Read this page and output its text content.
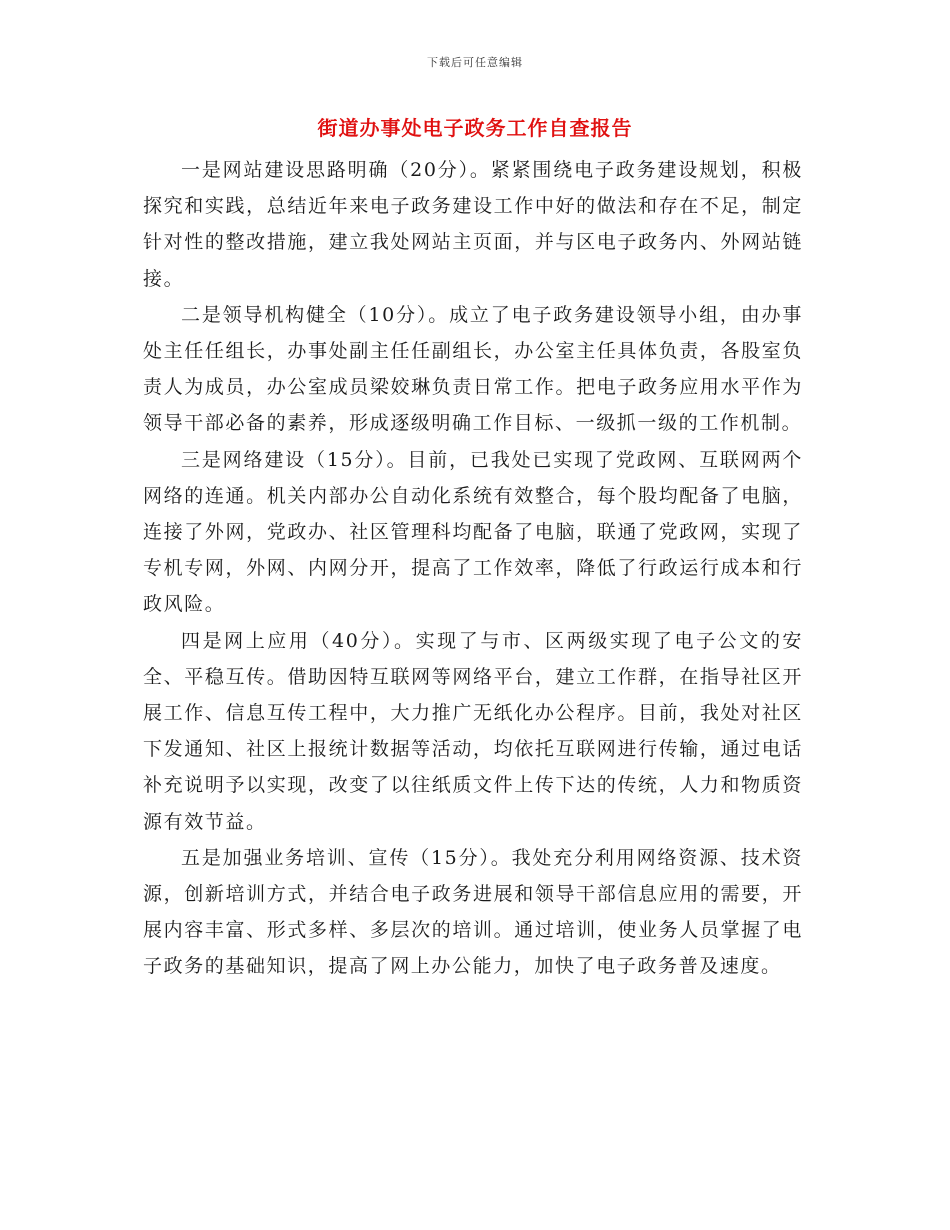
下载后可任意编辑
街道办事处电子政务工作自查报告

一是网站建设思路明确（20分）。紧紧围绕电子政务建设规划，积极探究和实践，总结近年来电子政务建设工作中好的做法和存在不足，制定针对性的整改措施，建立我处网站主页面，并与区电子政务内、外网站链接。

二是领导机构健全（10分）。成立了电子政务建设领导小组，由办事处主任任组长，办事处副主任任副组长，办公室主任具体负责，各股室负责人为成员，办公室成员梁姣琳负责日常工作。把电子政务应用水平作为领导干部必备的素养，形成逐级明确工作目标、一级抓一级的工作机制。

三是网络建设（15分）。目前，已我处已实现了党政网、互联网两个网络的连通。机关内部办公自动化系统有效整合，每个股均配备了电脑，连接了外网，党政办、社区管理科均配备了电脑，联通了党政网，实现了专机专网，外网、内网分开，提高了工作效率，降低了行政运行成本和行政风险。

四是网上应用（40分）。实现了与市、区两级实现了电子公文的安全、平稳互传。借助因特互联网等网络平台，建立工作群，在指导社区开展工作、信息互传工程中，大力推广无纸化办公程序。目前，我处对社区下发通知、社区上报统计数据等活动，均依托互联网进行传输，通过电话补充说明予以实现，改变了以往纸质文件上传下达的传统，人力和物质资源有效节益。

五是加强业务培训、宣传（15分）。我处充分利用网络资源、技术资源，创新培训方式，并结合电子政务进展和领导干部信息应用的需要，开展内容丰富、形式多样、多层次的培训。通过培训，使业务人员掌握了电子政务的基础知识，提高了网上办公能力，加快了电子政务普及速度。
